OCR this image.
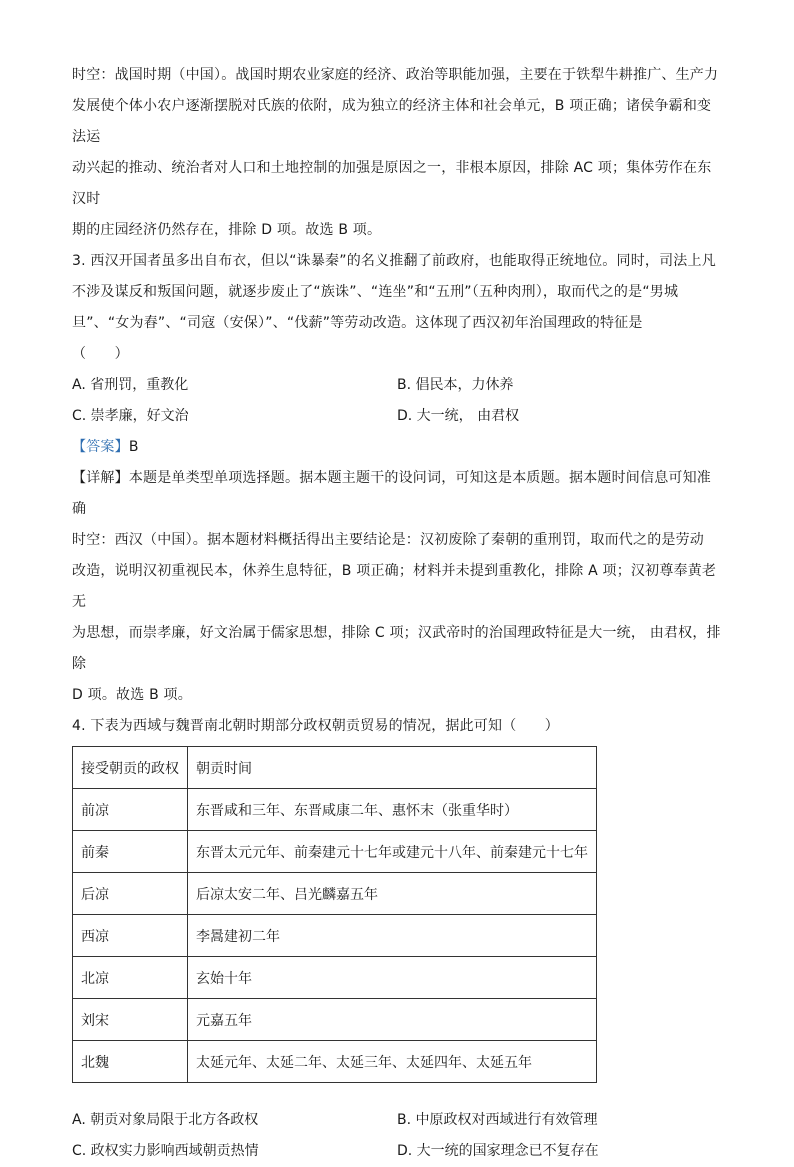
时空：战国时期（中国）。战国时期农业家庭的经济、政治等职能加强，主要在于铁犁牛耕推广、生产力

发展使个体小农户逐渐摆脱对氏族的依附，成为独立的经济主体和社会单元，B 项正确；诸侯争霸和变法运

动兴起的推动、统治者对人口和土地控制的加强是原因之一，非根本原因，排除 AC 项；集体劳作在东汉时

期的庄园经济仍然存在，排除 D 项。故选 B 项。

3. 西汉开国者虽多出自布衣，但以“诛暴秦”的名义推翻了前政府，也能取得正统地位。同时，司法上凡

不涉及谋反和叛国问题，就逐步废止了“族诛”、“连坐”和“五刑”（五种肉刑），取而代之的是“男城

旦”、“女为舂”、“司寇（安保）”、“伐薪”等劳动改造。这体现了西汉初年治国理政的特征是

（　　）

A. 省刑罚，重教化	B. 倡民本，力休养
C. 崇孝廉，好文治	D. 大一统， 由君权

【答案】B

【详解】本题是单类型单项选择题。据本题主题干的设问词，可知这是本质题。据本题时间信息可知准确

时空：西汉（中国）。据本题材料概括得出主要结论是：汉初废除了秦朝的重刑罚，取而代之的是劳动

改造，说明汉初重视民本，休养生息特征，B 项正确；材料并未提到重教化，排除 A 项；汉初尊奉黄老无

为思想，而崇孝廉，好文治属于儒家思想，排除 C 项；汉武帝时的治国理政特征是大一统， 由君权，排除

D 项。故选 B 项。

4. 下表为西域与魏晋南北朝时期部分政权朝贡贸易的情况，据此可知（　　）

接受朝贡的政权	朝贡时间
前凉	东晋咸和三年、东晋咸康二年、惠怀末（张重华时）
前秦	东晋太元元年、前秦建元十七年或建元十八年、前秦建元十七年
后凉	后凉太安二年、吕光麟嘉五年
西凉	李暠建初二年
北凉	玄始十年
刘宋	元嘉五年
北魏	太延元年、太延二年、太延三年、太延四年、太延五年
A. 朝贡对象局限于北方各政权	B. 中原政权对西域进行有效管理
C. 政权实力影响西域朝贡热情	D. 大一统的国家理念已不复存在
